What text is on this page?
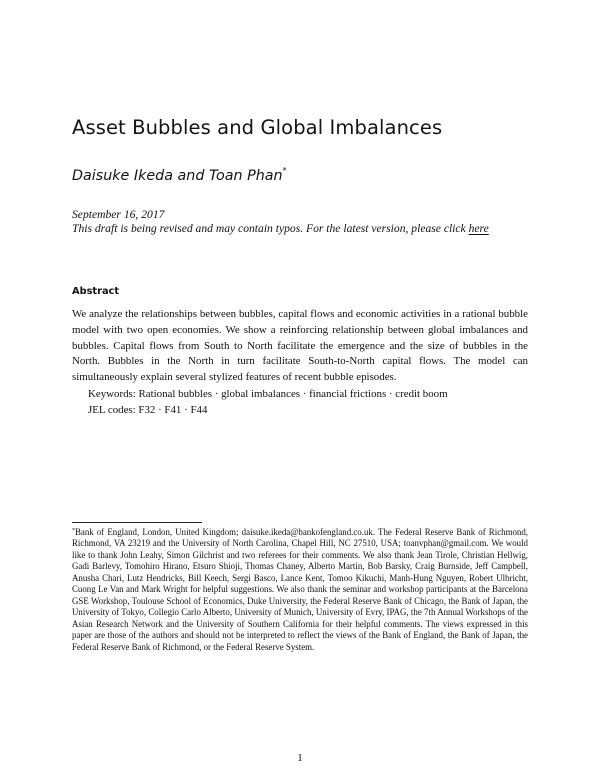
Asset Bubbles and Global Imbalances
Daisuke Ikeda and Toan Phan*
September 16, 2017
This draft is being revised and may contain typos. For the latest version, please click here
Abstract
We analyze the relationships between bubbles, capital flows and economic activities in a rational bubble model with two open economies. We show a reinforcing relationship between global imbalances and bubbles. Capital flows from South to North facilitate the emergence and the size of bubbles in the North. Bubbles in the North in turn facilitate South-to-North capital flows. The model can simultaneously explain several stylized features of recent bubble episodes.
Keywords: Rational bubbles · global imbalances · financial frictions · credit boom
JEL codes: F32 · F41 · F44
*Bank of England, London, United Kingdom; daisuke.ikeda@bankofengland.co.uk. The Federal Reserve Bank of Richmond, Richmond, VA 23219 and the University of North Carolina, Chapel Hill, NC 27510, USA; toanvphan@gmail.com. We would like to thank John Leahy, Simon Gilchrist and two referees for their comments. We also thank Jean Tirole, Christian Hellwig, Gadi Barlevy, Tomohiro Hirano, Etsuro Shioji, Thomas Chaney, Alberto Martin, Bob Barsky, Craig Burnside, Jeff Campbell, Anusha Chari, Lutz Hendricks, Bill Keech, Sergi Basco, Lance Kent, Tomoo Kikuchi, Manh-Hung Nguyen, Robert Ulbricht, Cuong Le Van and Mark Wright for helpful suggestions. We also thank the seminar and workshop participants at the Barcelona GSE Workshop, Toulouse School of Economics, Duke University, the Federal Reserve Bank of Chicago, the Bank of Japan, the University of Tokyo, Collegio Carlo Alberto, University of Munich, University of Evry, IPAG, the 7th Annual Workshops of the Asian Research Network and the University of Southern California for their helpful comments. The views expressed in this paper are those of the authors and should not be interpreted to reflect the views of the Bank of England, the Bank of Japan, the Federal Reserve Bank of Richmond, or the Federal Reserve System.
1
